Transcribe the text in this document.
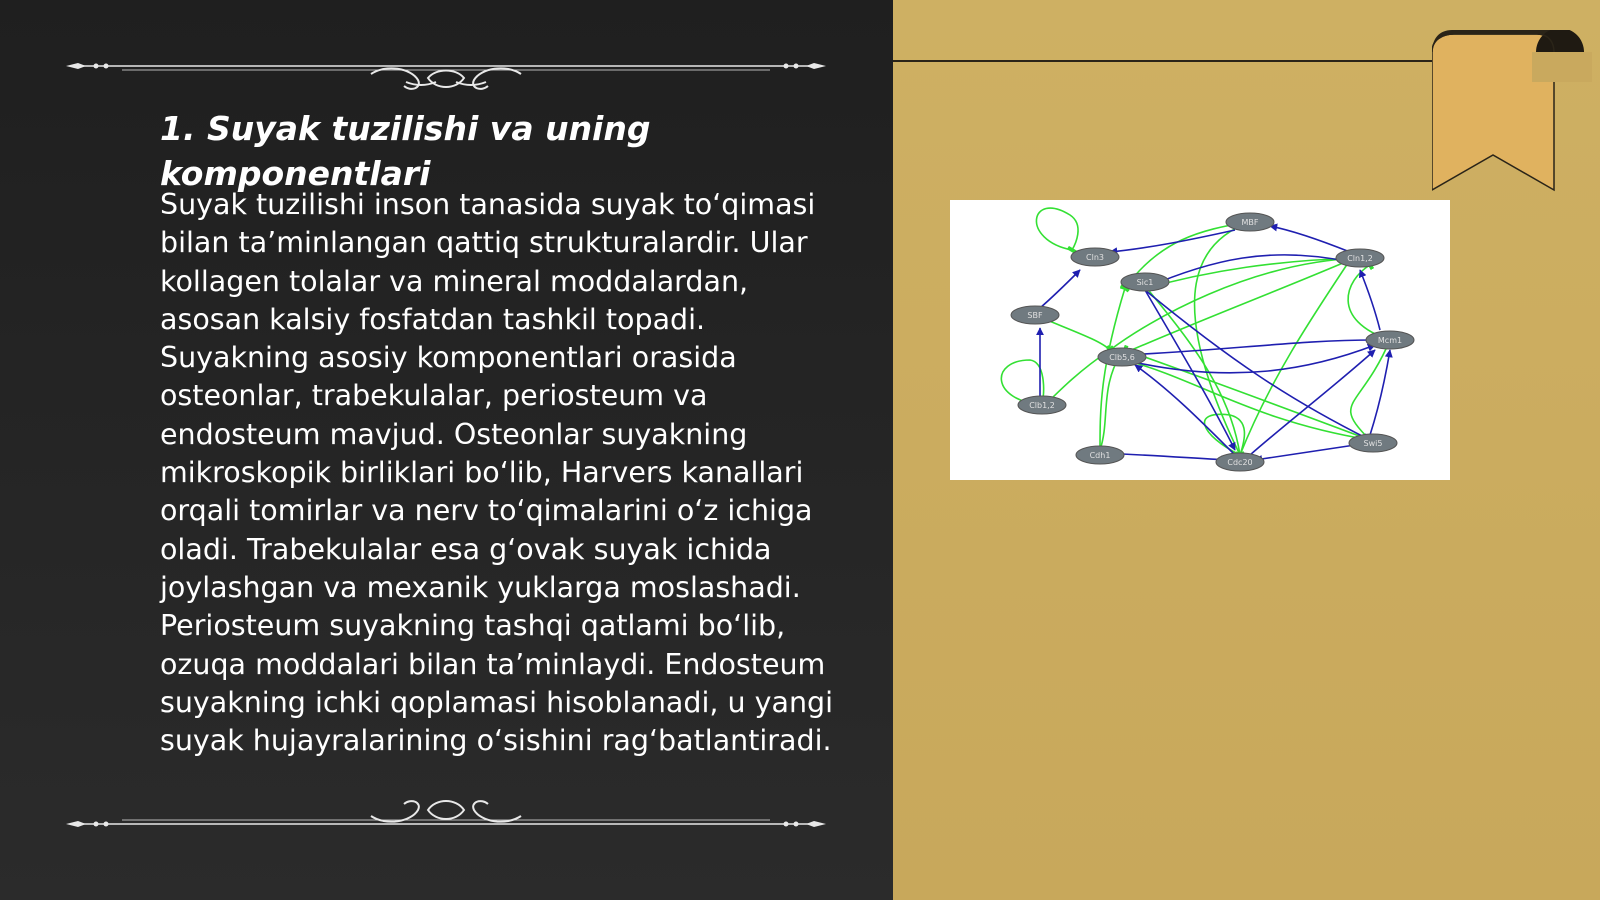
1. Suyak tuzilishi va uning komponentlari

Suyak tuzilishi inson tanasida suyak to‘qimasi bilan ta’minlangan qattiq strukturalardir. Ular kollagen tolalar va mineral moddalardan, asosan kalsiy fosfatdan tashkil topadi. Suyakning asosiy komponentlari orasida osteonlar, trabekulalar, periosteum va endosteum mavjud. Osteonlar suyakning mikroskopik birliklari bo‘lib, Harvers kanallari orqali tomirlar va nerv to‘qimalarini o‘z ichiga oladi. Trabekulalar esa g‘ovak suyak ichida joylashgan va mexanik yuklarga moslashadi. Periosteum suyakning tashqi qatlami bo‘lib, ozuqa moddalari bilan ta’minlaydi. Endosteum suyakning ichki qoplamasi hisoblanadi, u yangi suyak hujayralarining o‘sishini rag‘batlantiradi.

MBF
Cln3	Cln1,2
Sic1
Clb5,6
SBF
Clb1,2
Mcm1
Cdc20
Swi5
Cdh1
